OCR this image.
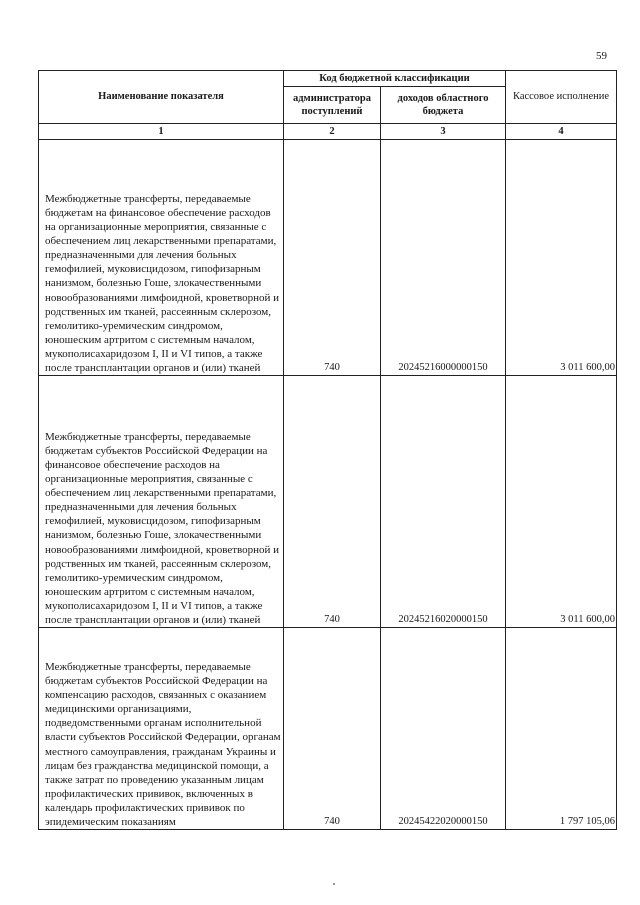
59
Наименование показателя	Код бюджетной классификации		Кассовое исполнение
	администратора поступлений	доходов областного бюджета	
1	2	3	4
Межбюджетные трансферты, передаваемые бюджетам на финансовое обеспечение расходов на организационные мероприятия, связанные с обеспечением лиц лекарственными препаратами, предназначенными для лечения больных гемофилией, муковисцидозом, гипофизарным нанизмом, болезнью Гоше, злокачественными новообразованиями лимфоидной, кроветворной и родственных им тканей, рассеянным склерозом, гемолитико-уремическим синдромом, юношеским артритом с системным началом, мукополисахаридозом I, II и VI типов, а также после трансплантации органов и (или) тканей	740	20245216000000150	3 011 600,00
Межбюджетные трансферты, передаваемые бюджетам субъектов Российской Федерации на финансовое обеспечение расходов на организационные мероприятия, связанные с обеспечением лиц лекарственными препаратами, предназначенными для лечения больных гемофилией, муковисцидозом, гипофизарным нанизмом, болезнью Гоше, злокачественными новообразованиями лимфоидной, кроветворной и родственных им тканей, рассеянным склерозом, гемолитико-уремическим синдромом, юношеским артритом с системным началом, мукополисахаридозом I, II и VI типов, а также после трансплантации органов и (или) тканей	740	20245216020000150	3 011 600,00
Межбюджетные трансферты, передаваемые бюджетам субъектов Российской Федерации на компенсацию расходов, связанных с оказанием медицинскими организациями, подведомственными органам исполнительной власти субъектов Российской Федерации, органам местного самоуправления, гражданам Украины и лицам без гражданства медицинской помощи, а также затрат по проведению указанным лицам профилактических прививок, включенных в календарь профилактических прививок по эпидемическим показаниям	740	20245422020000150	1 797 105,06
